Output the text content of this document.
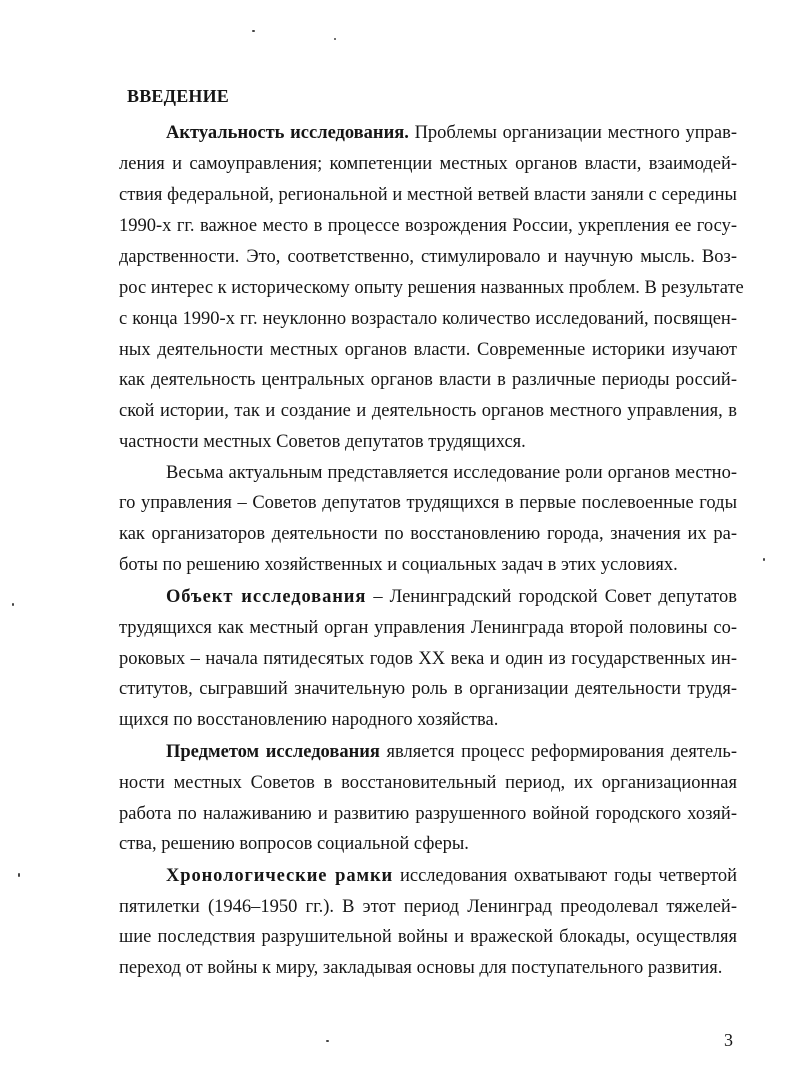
ВВЕДЕНИЕ
Актуальность исследования. Проблемы организации местного управ-
ления и самоуправления; компетенции местных органов власти, взаимодей-
ствия федеральной, региональной и местной ветвей власти заняли с середины
1990-х гг. важное место в процессе возрождения России, укрепления ее госу-
дарственности. Это, соответственно, стимулировало и научную мысль. Воз-
рос интерес к историческому опыту решения названных проблем. В результате
с конца 1990-х гг. неуклонно возрастало количество исследований, посвящен-
ных деятельности местных органов власти. Современные историки изучают
как деятельность центральных органов власти в различные периоды россий-
ской истории, так и создание и деятельность органов местного управления, в
частности местных Советов депутатов трудящихся.
Весьма актуальным представляется исследование роли органов местно-
го управления – Советов депутатов трудящихся в первые послевоенные годы
как организаторов деятельности по восстановлению города, значения их ра-
боты по решению хозяйственных и социальных задач в этих условиях.
Объект исследования – Ленинградский городской Совет депутатов
трудящихся как местный орган управления Ленинграда второй половины со-
роковых – начала пятидесятых годов XX века и один из государственных ин-
ститутов, сыгравший значительную роль в организации деятельности трудя-
щихся по восстановлению народного хозяйства.
Предметом исследования является процесс реформирования деятель-
ности местных Советов в восстановительный период, их организационная
работа по налаживанию и развитию разрушенного войной городского хозяй-
ства, решению вопросов социальной сферы.
Хронологические рамки исследования охватывают годы четвертой
пятилетки (1946–1950 гг.). В этот период Ленинград преодолевал тяжелей-
шие последствия разрушительной войны и вражеской блокады, осуществляя
переход от войны к миру, закладывая основы для поступательного развития.
3
